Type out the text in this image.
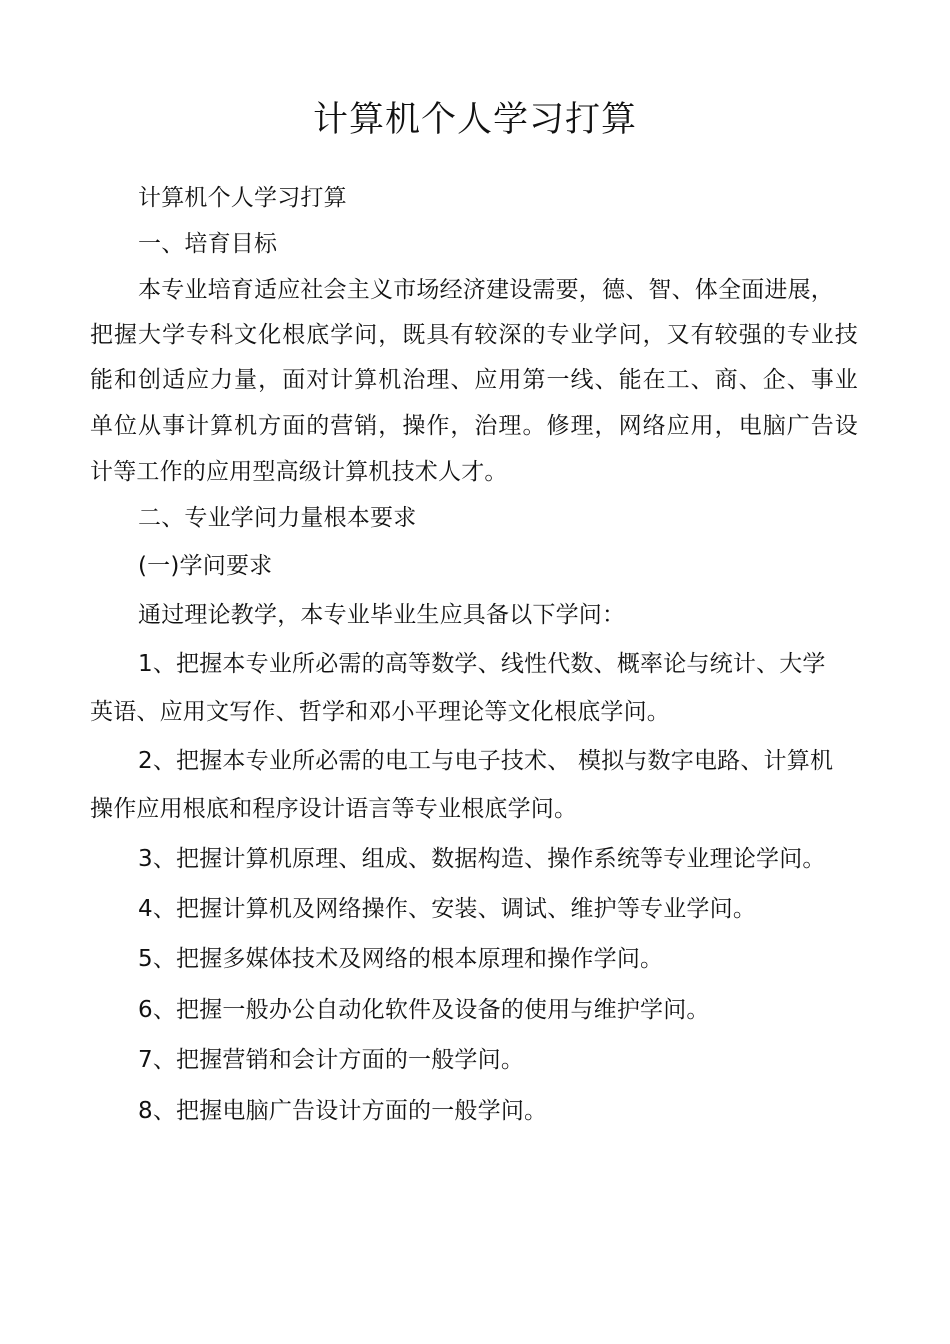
计算机个人学习打算
计算机个人学习打算
一、培育目标
本专业培育适应社会主义市场经济建设需要，德、智、体全面进展，
把握大学专科文化根底学问，既具有较深的专业学问，又有较强的专业技
能和创适应力量，面对计算机治理、应用第一线、能在工、商、企、事业
单位从事计算机方面的营销，操作，治理。修理，网络应用，电脑广告设
计等工作的应用型高级计算机技术人才。
二、专业学问力量根本要求
(一)学问要求
通过理论教学，本专业毕业生应具备以下学问：
1、把握本专业所必需的高等数学、线性代数、概率论与统计、大学
英语、应用文写作、哲学和邓小平理论等文化根底学问。
2、把握本专业所必需的电工与电子技术、 模拟与数字电路、计算机
操作应用根底和程序设计语言等专业根底学问。
3、把握计算机原理、组成、数据构造、操作系统等专业理论学问。
4、把握计算机及网络操作、安装、调试、维护等专业学问。
5、把握多媒体技术及网络的根本原理和操作学问。
6、把握一般办公自动化软件及设备的使用与维护学问。
7、把握营销和会计方面的一般学问。
8、把握电脑广告设计方面的一般学问。
